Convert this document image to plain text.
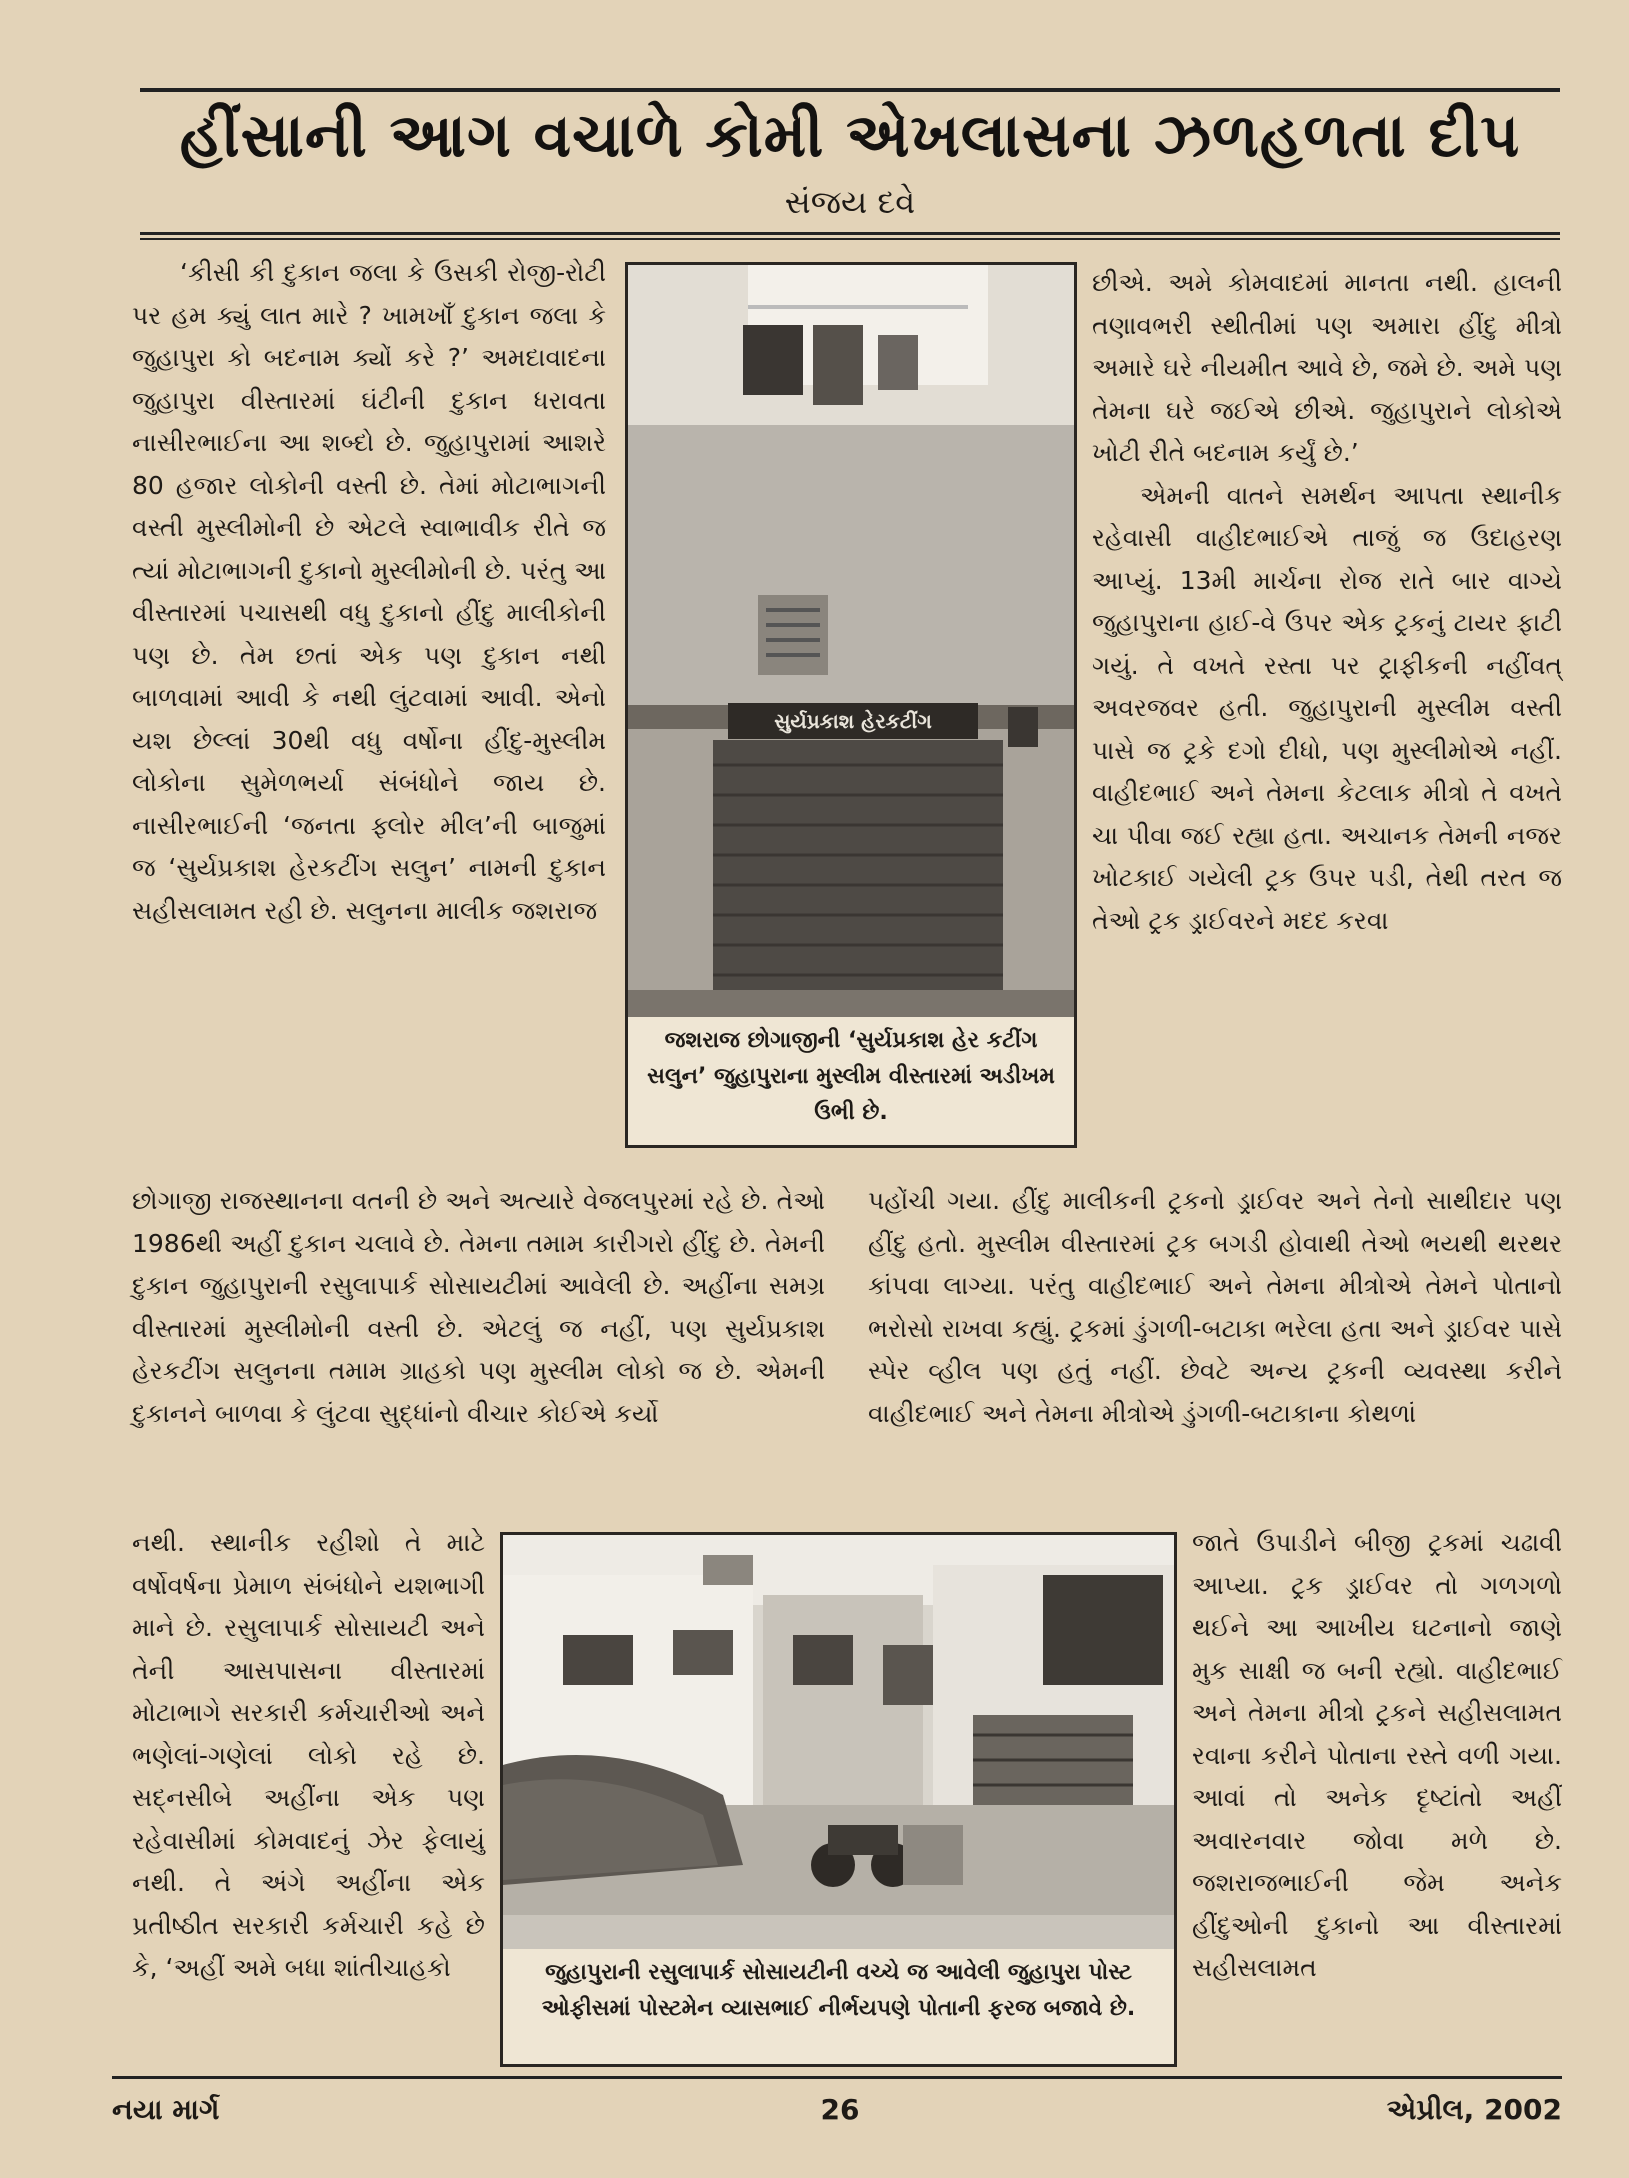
હીંસાની આગ વચાળે કોમી એખલાસના ઝળહળતા દીપ
સંજય દવે

‘કીસી કી દુકાન જલા કે ઉસકી રોજી-રોટી પર હમ ક્યું લાત મારે ? ખામખાઁ દુકાન જલા કે જુહાપુરા કો બદનામ ક્યોં કરે ?’ અમદાવાદના જુહાપુરા વીસ્તારમાં ઘંટીની દુકાન ધરાવતા નાસીરભાઈના આ શબ્દો છે. જુહાપુરામાં આશરે 80 હજાર લોકોની વસ્તી છે. તેમાં મોટાભાગની વસ્તી મુસ્લીમોની છે એટલે સ્વાભાવીક રીતે જ ત્યાં મોટાભાગની દુકાનો મુસ્લીમોની છે. પરંતુ આ વીસ્તારમાં પચાસથી વધુ દુકાનો હીંદુ માલીકોની પણ છે. તેમ છતાં એક પણ દુકાન નથી બાળવામાં આવી કે નથી લુંટવામાં આવી. એનો યશ છેલ્લાં 30થી વધુ વર્ષોના હીંદુ-મુસ્લીમ લોકોના સુમેળભર્યા સંબંધોને જાય છે. નાસીરભાઈની ‘જનતા ફ્લોર મીલ’ની બાજુમાં જ ‘સુર્યપ્રકાશ હેરકટીંગ સલુન’ નામની દુકાન સહીસલામત રહી છે. સલુનના માલીક જશરાજ

સુર્યપ્રકાશ હેરકટીંગ
જશરાજ છોગાજીની ‘સુર્યપ્રકાશ હેર કટીંગ સલુન’ જુહાપુરાના મુસ્લીમ વીસ્તારમાં અડીખમ ઉભી છે.

છીએ. અમે કોમવાદમાં માનતા નથી. હાલની તણાવભરી સ્થીતીમાં પણ અમારા હીંદુ મીત્રો અમારે ઘરે નીયમીત આવે છે, જમે છે. અમે પણ તેમના ઘરે જઈએ છીએ. જુહાપુરાને લોકોએ ખોટી રીતે બદનામ કર્યું છે.’

એમની વાતને સમર્થન આપતા સ્થાનીક રહેવાસી વાહીદભાઈએ તાજું જ ઉદાહરણ આપ્યું. 13મી માર્ચના રોજ રાતે બાર વાગ્યે જુહાપુરાના હાઈ-વે ઉપર એક ટ્રકનું ટાયર ફાટી ગયું. તે વખતે રસ્તા પર ટ્રાફીકની નહીંવત્ અવરજવર હતી. જુહાપુરાની મુસ્લીમ વસ્તી પાસે જ ટ્રકે દગો દીધો, પણ મુસ્લીમોએ નહીં. વાહીદભાઈ અને તેમના કેટલાક મીત્રો તે વખતે ચા પીવા જઈ રહ્યા હતા. અચાનક તેમની નજર ખોટકાઈ ગયેલી ટ્રક ઉપર પડી, તેથી તરત જ તેઓ ટ્રક ડ્રાઈવરને મદદ કરવા

છોગાજી રાજસ્થાનના વતની છે અને અત્યારે વેજલપુરમાં રહે છે. તેઓ 1986થી અહીં દુકાન ચલાવે છે. તેમના તમામ કારીગરો હીંદુ છે. તેમની દુકાન જુહાપુરાની રસુલાપાર્ક સોસાયટીમાં આવેલી છે. અહીંના સમગ્ર વીસ્તારમાં મુસ્લીમોની વસ્તી છે. એટલું જ નહીં, પણ સુર્યપ્રકાશ હેરકટીંગ સલુનના તમામ ગ્રાહકો પણ મુસ્લીમ લોકો જ છે. એમની દુકાનને બાળવા કે લુંટવા સુદ્ધાંનો વીચાર કોઈએ કર્યો

પહોંચી ગયા. હીંદુ માલીકની ટ્રકનો ડ્રાઈવર અને તેનો સાથીદાર પણ હીંદુ હતો. મુસ્લીમ વીસ્તારમાં ટ્રક બગડી હોવાથી તેઓ ભયથી થરથર કાંપવા લાગ્યા. પરંતુ વાહીદભાઈ અને તેમના મીત્રોએ તેમને પોતાનો ભરોસો રાખવા કહ્યું. ટ્રકમાં ડુંગળી-બટાકા ભરેલા હતા અને ડ્રાઈવર પાસે સ્પેર વ્હીલ પણ હતું નહીં. છેવટે અન્ય ટ્રકની વ્યવસ્થા કરીને વાહીદભાઈ અને તેમના મીત્રોએ ડુંગળી-બટાકાના કોથળાં

નથી. સ્થાનીક રહીશો તે માટે વર્ષોવર્ષના પ્રેમાળ સંબંધોને યશભાગી માને છે. રસુલાપાર્ક સોસાયટી અને તેની આસપાસના વીસ્તારમાં મોટાભાગે સરકારી કર્મચારીઓ અને ભણેલાં-ગણેલાં લોકો રહે છે. સદ્નસીબે અહીંના એક પણ રહેવાસીમાં કોમવાદનું ઝેર ફેલાયું નથી. તે અંગે અહીંના એક પ્રતીષ્ઠીત સરકારી કર્મચારી કહે છે કે, ‘અહીં અમે બધા શાંતીચાહકો	જુહાપુરાની રસુલાપાર્ક સોસાયટીની વચ્ચે જ આવેલી જુહાપુરા પોસ્ટ ઓફીસમાં પોસ્ટમેન વ્યાસભાઈ નીર્ભયપણે પોતાની ફરજ બજાવે છે.

જાતે ઉપાડીને બીજી ટ્રકમાં ચઢાવી આપ્યા. ટ્રક ડ્રાઈવર તો ગળગળો થઈને આ આખીય ઘટનાનો જાણે મુક સાક્ષી જ બની રહ્યો. વાહીદભાઈ અને તેમના મીત્રો ટ્રકને સહીસલામત રવાના કરીને પોતાના રસ્તે વળી ગયા. આવાં તો અનેક દૃષ્ટાંતો અહીં અવારનવાર જોવા મળે છે. જશરાજભાઈની જેમ અનેક હીંદુઓની દુકાનો આ વીસ્તારમાં સહીસલામત

નયા માર્ગ	26	એપ્રીલ, 2002
